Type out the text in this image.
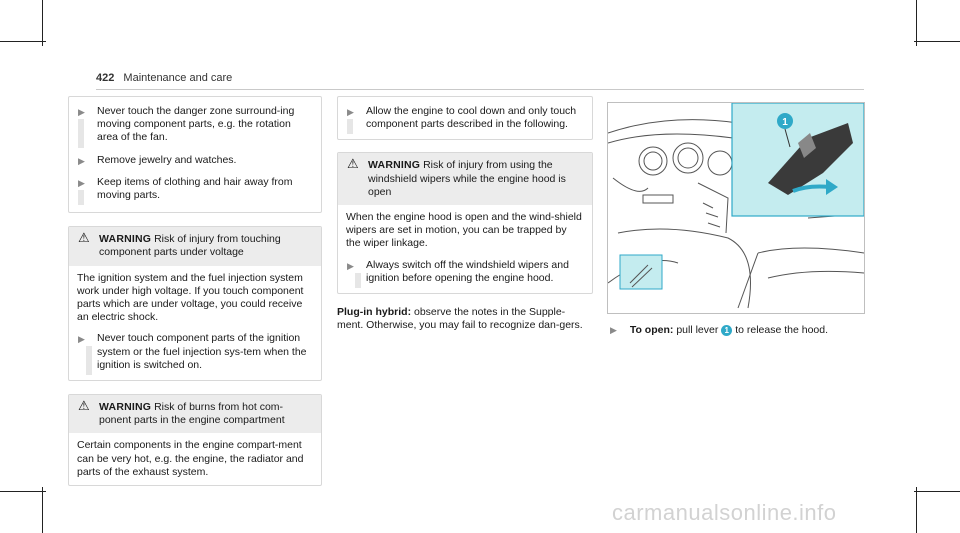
422 Maintenance and care
▶ Never touch the danger zone surround-ing moving component parts, e.g. the rotation area of the fan.
▶ Remove jewelry and watches.
▶ Keep items of clothing and hair away from moving parts.
⚠ WARNING Risk of injury from touching component parts under voltage
The ignition system and the fuel injection system work under high voltage. If you touch component parts which are under voltage, you could receive an electric shock.
▶ Never touch component parts of the ignition system or the fuel injection sys-tem when the ignition is switched on.
⚠ WARNING Risk of burns from hot com-ponent parts in the engine compartment
Certain components in the engine compart-ment can be very hot, e.g. the engine, the radiator and parts of the exhaust system.
▶ Allow the engine to cool down and only touch component parts described in the following.
⚠ WARNING Risk of injury from using the windshield wipers while the engine hood is open
When the engine hood is open and the wind-shield wipers are set in motion, you can be trapped by the wiper linkage.
▶ Always switch off the windshield wipers and ignition before opening the engine hood.
Plug-in hybrid: observe the notes in the Supple-ment. Otherwise, you may fail to recognize dan-gers.
1
▶ To open: pull lever 1 to release the hood.
carmanualsonline.info
